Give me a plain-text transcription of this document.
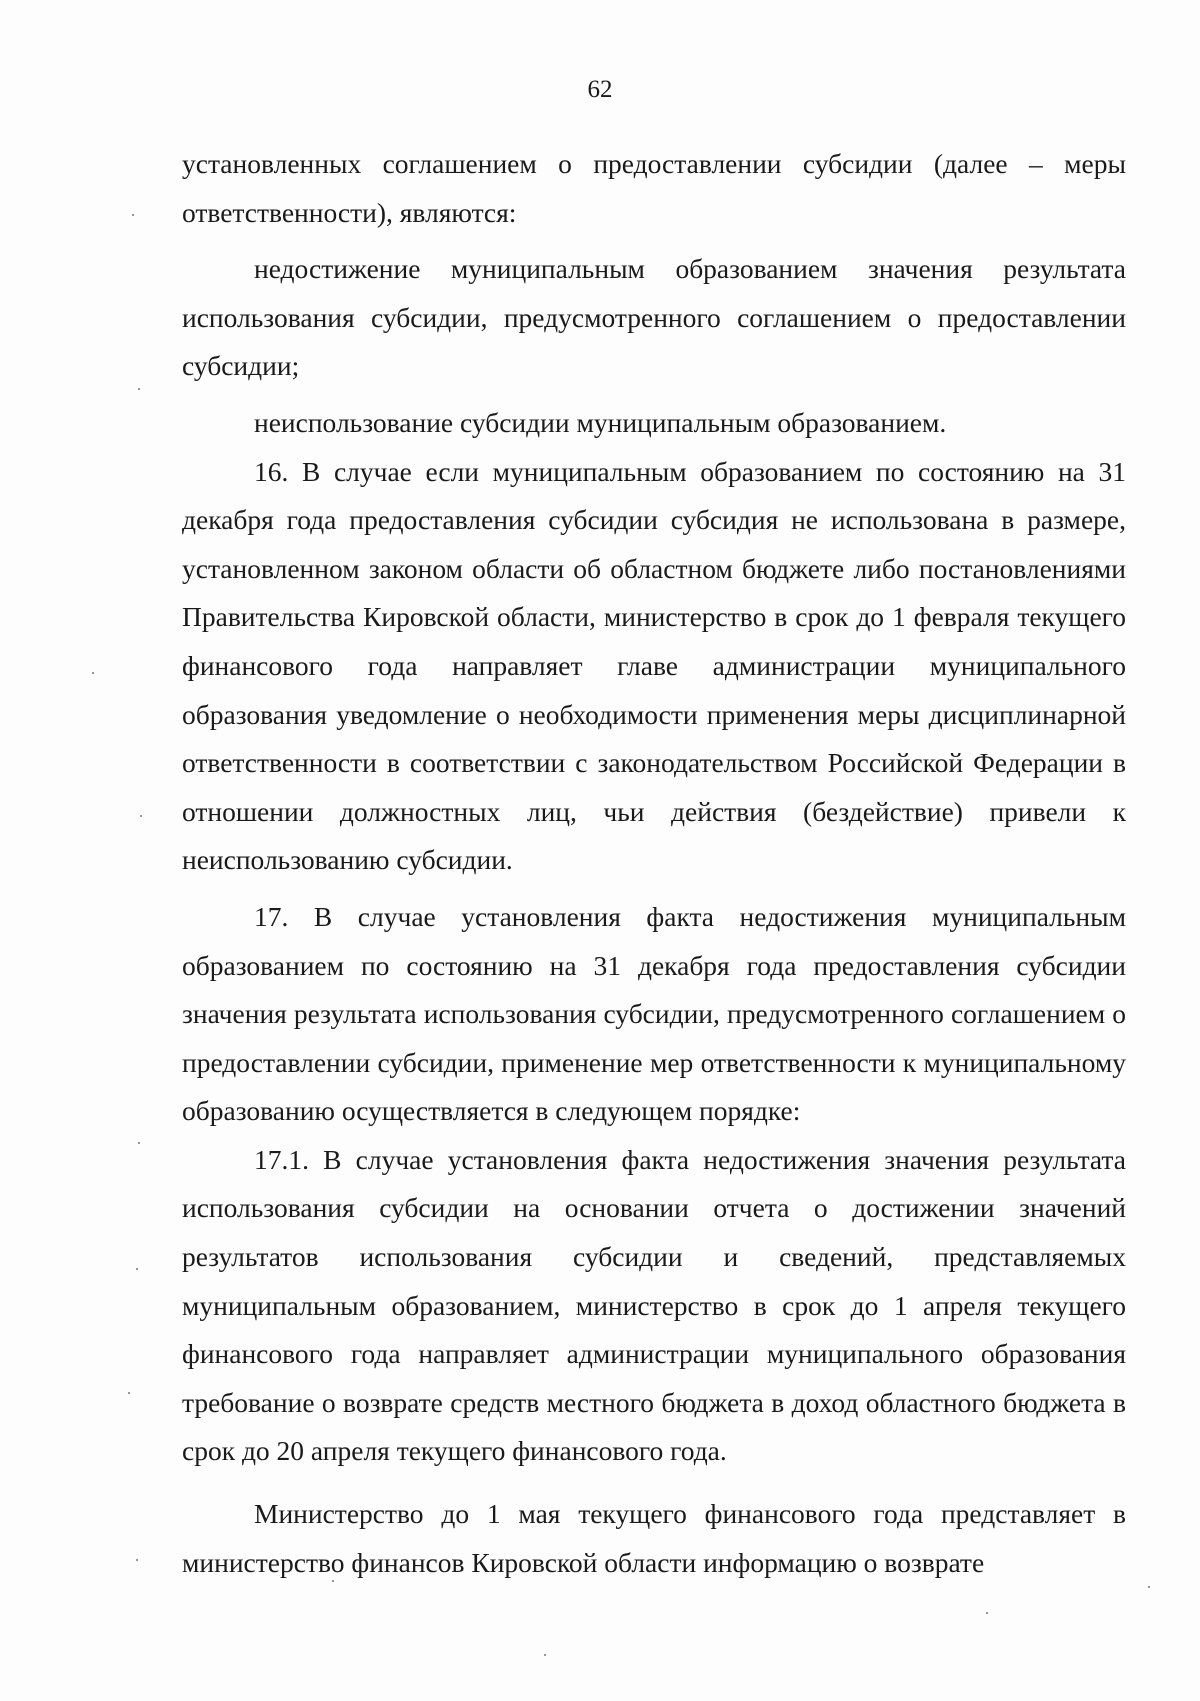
62

установленных соглашением о предоставлении субсидии (далее – меры ответственности), являются:

недостижение муниципальным образованием значения результата использования субсидии, предусмотренного соглашением о предоставлении субсидии;

неиспользование субсидии муниципальным образованием.

16. В случае если муниципальным образованием по состоянию на 31 декабря года предоставления субсидии субсидия не использована в размере, установленном законом области об областном бюджете либо постановлениями Правительства Кировской области, министерство в срок до 1 февраля текущего финансового года направляет главе администрации муниципального образования уведомление о необходимости применения меры дисциплинарной ответственности в соответствии с законодательством Российской Федерации в отношении должностных лиц, чьи действия (бездействие) привели к неиспользованию субсидии.

17. В случае установления факта недостижения муниципальным образованием по состоянию на 31 декабря года предоставления субсидии значения результата использования субсидии, предусмотренного соглашением о предоставлении субсидии, применение мер ответственности к муниципальному образованию осуществляется в следующем порядке:

17.1. В случае установления факта недостижения значения результата использования субсидии на основании отчета о достижении значений результатов использования субсидии и сведений, представляемых муниципальным образованием, министерство в срок до 1 апреля текущего финансового года направляет администрации муниципального образования требование о возврате средств местного бюджета в доход областного бюджета в срок до 20 апреля текущего финансового года.

Министерство до 1 мая текущего финансового года представляет в министерство финансов Кировской области информацию о возврате
